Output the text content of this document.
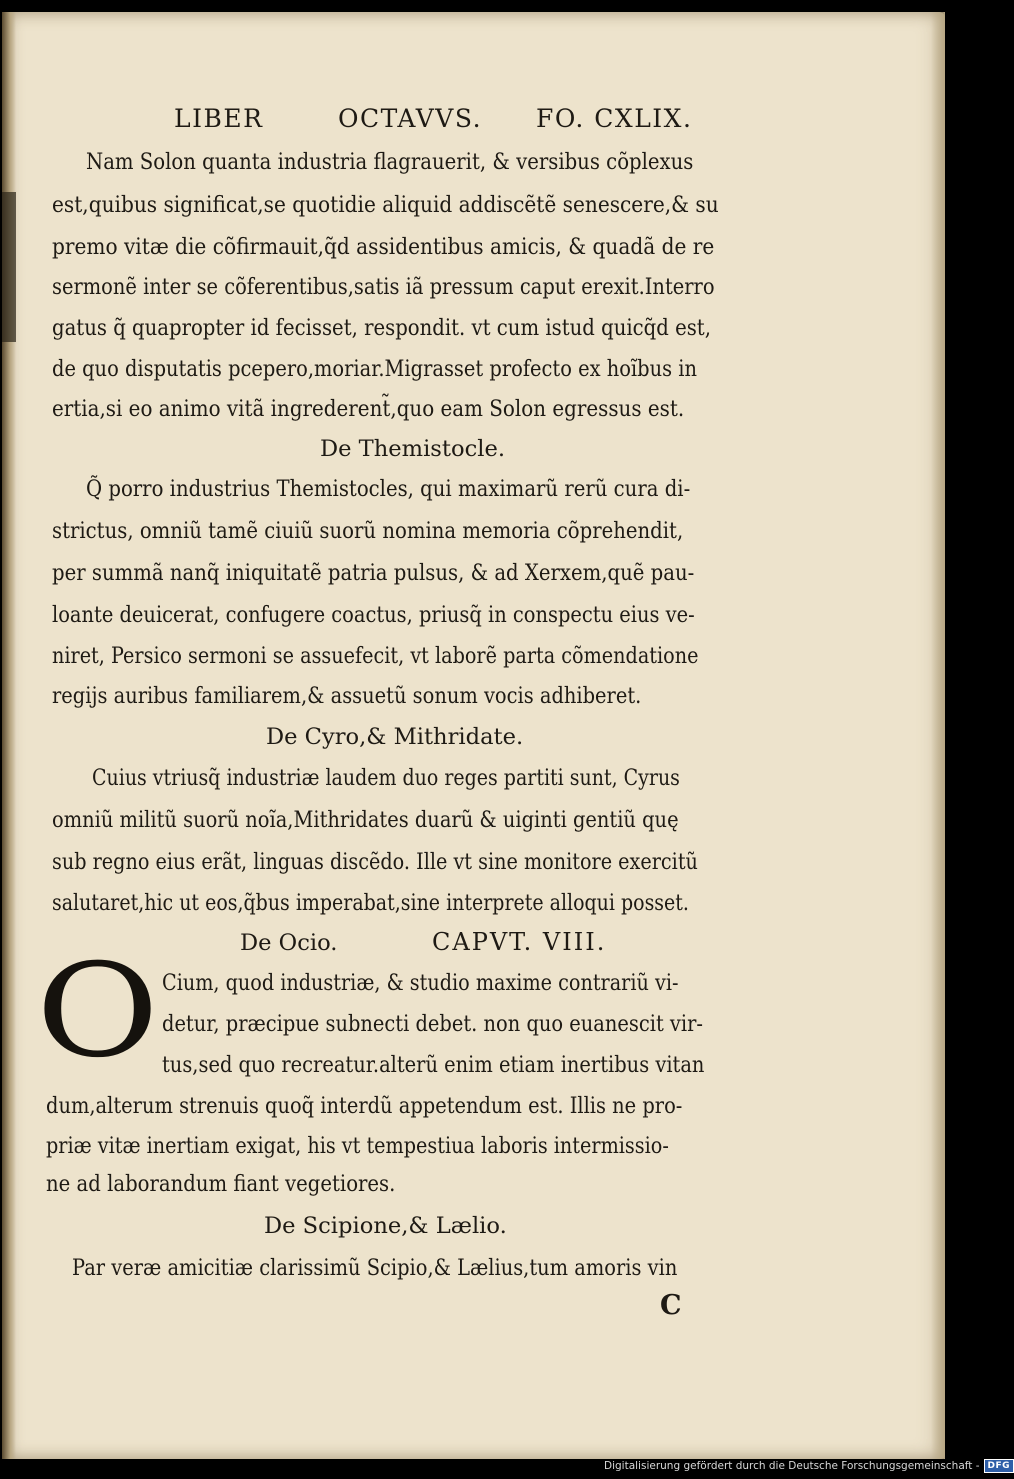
LIBER	OCTAVVS. FO. CXLIX.
Nam Solon quanta industria flagrauerit, & versibus cõplexus
est,quibus significat,se quotidie aliquid addiscẽtẽ senescere,& su
premo vitæ die cõfirmauit,q̃d assidentibus amicis, & quadã de re
sermonẽ inter se cõferentibus,satis iã pressum caput erexit.Interro
gatus q̃ quapropter id fecisset, respondit. vt cum istud quicq̃d est,
de quo disputatis pcepero,moriar.Migrasset profecto ex hoĩbus in
ertia,si eo animo vitã ingrederent̃,quo eam Solon egressus est.
De Themistocle.
Q̃ porro industrius Themistocles, qui maximarũ rerũ cura di-
strictus, omniũ tamẽ ciuiũ suorũ nomina memoria cõprehendit,
per summã nanq̃ iniquitatẽ patria pulsus, & ad Xerxem,quẽ pau-
loante deuicerat, confugere coactus, priusq̃ in conspectu eius ve-
niret, Persico sermoni se assuefecit, vt laborẽ parta cõmendatione
regijs auribus familiarem,& assuetũ sonum vocis adhiberet.
De Cyro,& Mithridate.
Cuius vtriusq̃ industriæ laudem duo reges partiti sunt, Cyrus
omniũ militũ suorũ noĩa,Mithridates duarũ & uiginti gentiũ quę
sub regno eius erãt, linguas discẽdo. Ille vt sine monitore exercitũ
salutaret,hic ut eos,q̃bus imperabat,sine interprete alloqui posset.
De Ocio.	CAPVT. VIII.
O Cium, quod industriæ, & studio maxime contrariũ vi-
detur, præcipue subnecti debet. non quo euanescit vir-
tus,sed quo recreatur.alterũ enim etiam inertibus vitan
dum,alterum strenuis quoq̃ interdũ appetendum est. Illis ne pro-
priæ vitæ inertiam exigat, his vt tempestiua laboris intermissio-
ne ad laborandum fiant vegetiores.
De Scipione,& Lælio.
Par veræ amicitiæ clarissimũ Scipio,& Lælius,tum amoris vin
C
Digitalisierung gefördert durch die Deutsche Forschungsgemeinschaft - DFG
